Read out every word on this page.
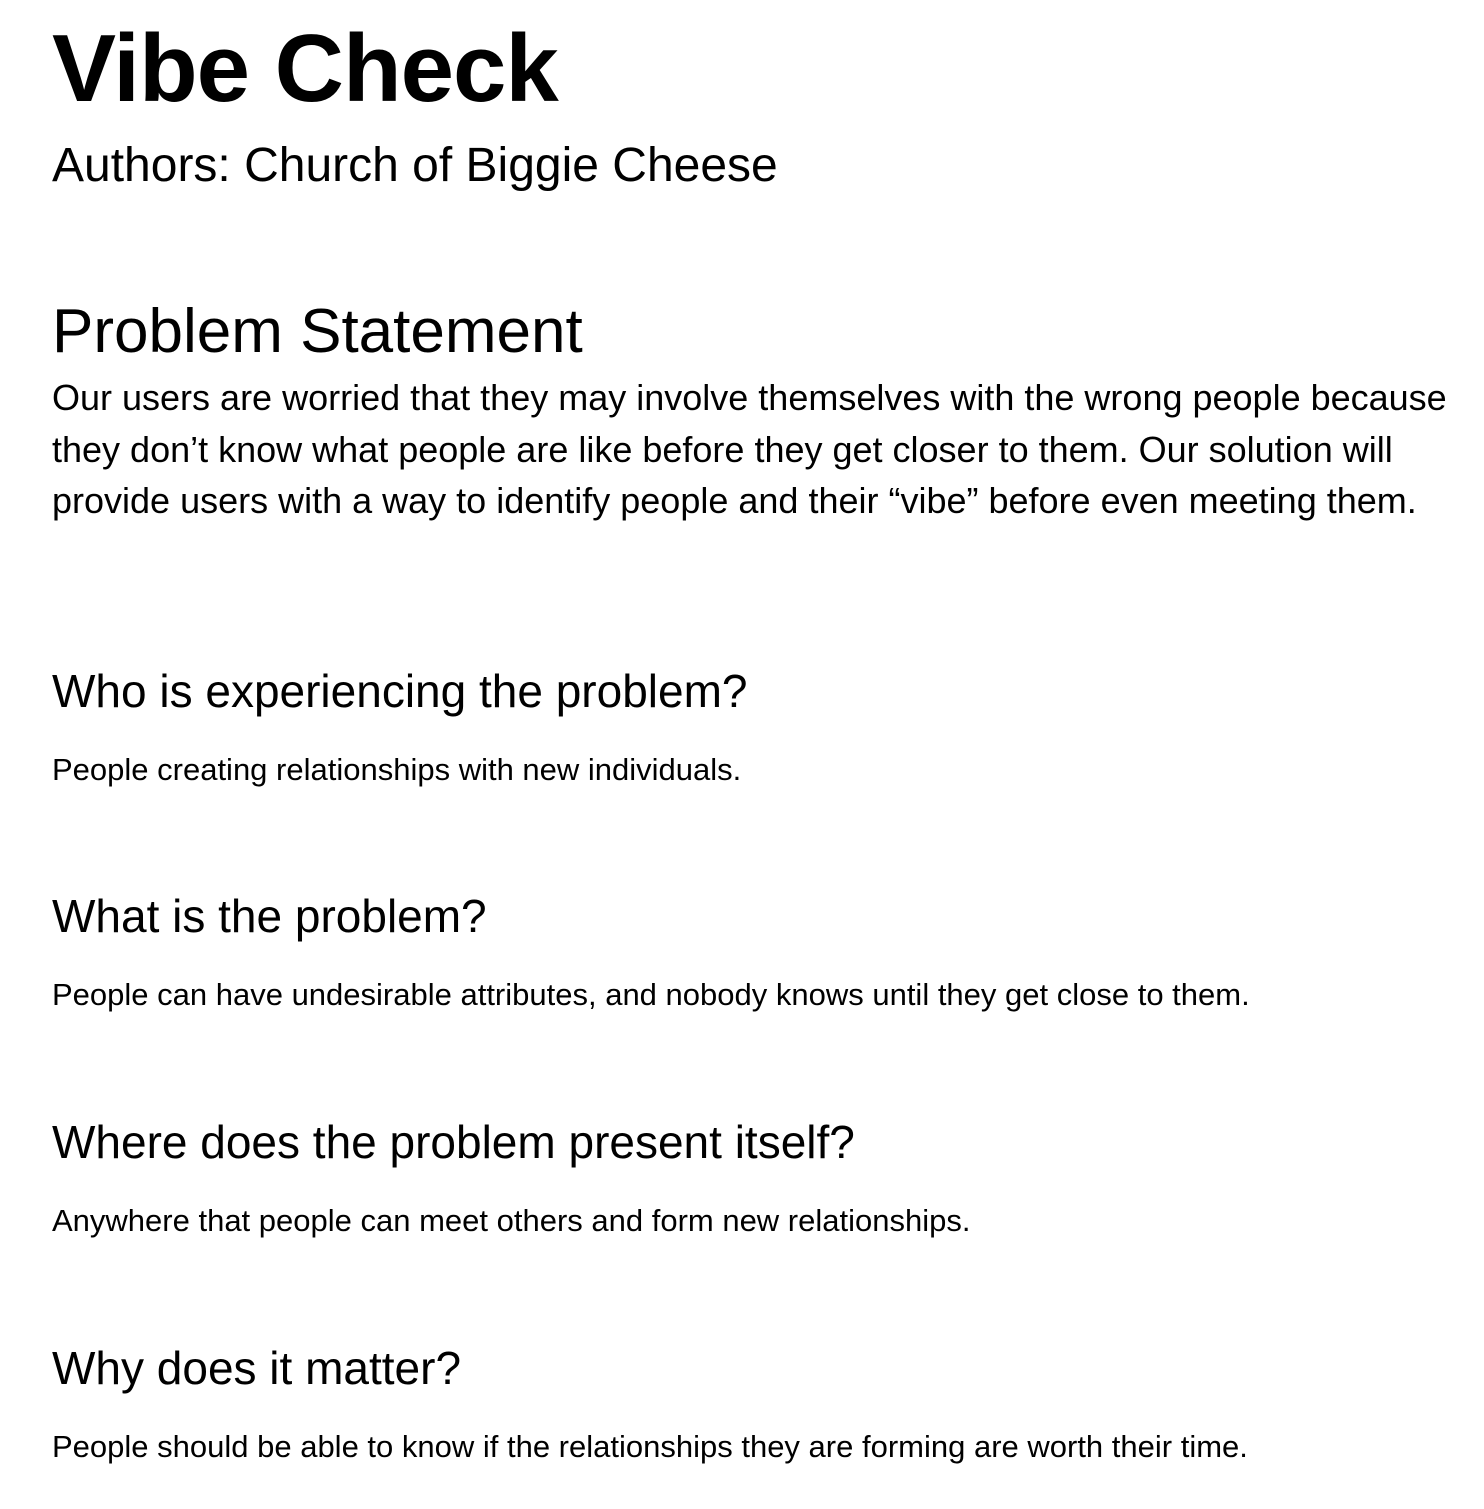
Vibe Check

Authors: Church of Biggie Cheese

Problem Statement

Our users are worried that they may involve themselves with the wrong people because they don’t know what people are like before they get closer to them. Our solution will provide users with a way to identify people and their “vibe” before even meeting them.

Who is experiencing the problem?

People creating relationships with new individuals.

What is the problem?

People can have undesirable attributes, and nobody knows until they get close to them.

Where does the problem present itself?

Anywhere that people can meet others and form new relationships.

Why does it matter?

People should be able to know if the relationships they are forming are worth their time.
